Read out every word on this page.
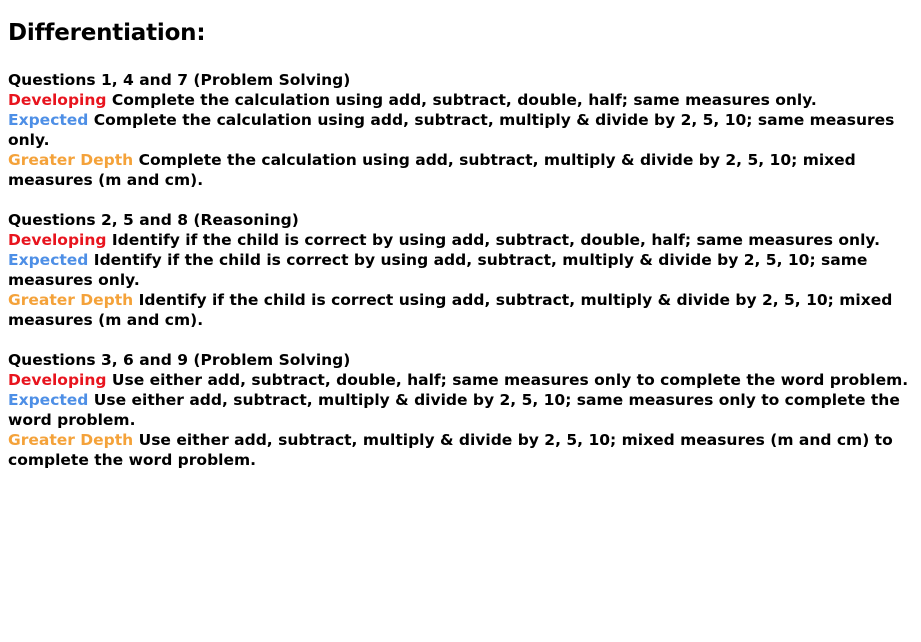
Differentiation:
Questions 1, 4 and 7 (Problem Solving)
Developing Complete the calculation using add, subtract, double, half; same measures only.
Expected Complete the calculation using add, subtract, multiply & divide by 2, 5, 10; same measures only.
Greater Depth Complete the calculation using add, subtract, multiply & divide by 2, 5, 10; mixed measures (m and cm).
Questions 2, 5 and 8 (Reasoning)
Developing Identify if the child is correct by using add, subtract, double, half; same measures only.
Expected Identify if the child is correct by using add, subtract, multiply & divide by 2, 5, 10; same measures only.
Greater Depth Identify if the child is correct using add, subtract, multiply & divide by 2, 5, 10; mixed measures (m and cm).
Questions 3, 6 and 9 (Problem Solving)
Developing Use either add, subtract, double, half; same measures only to complete the word problem.
Expected Use either add, subtract, multiply & divide by 2, 5, 10; same measures only to complete the word problem.
Greater Depth Use either add, subtract, multiply & divide by 2, 5, 10; mixed measures (m and cm) to complete the word problem.
